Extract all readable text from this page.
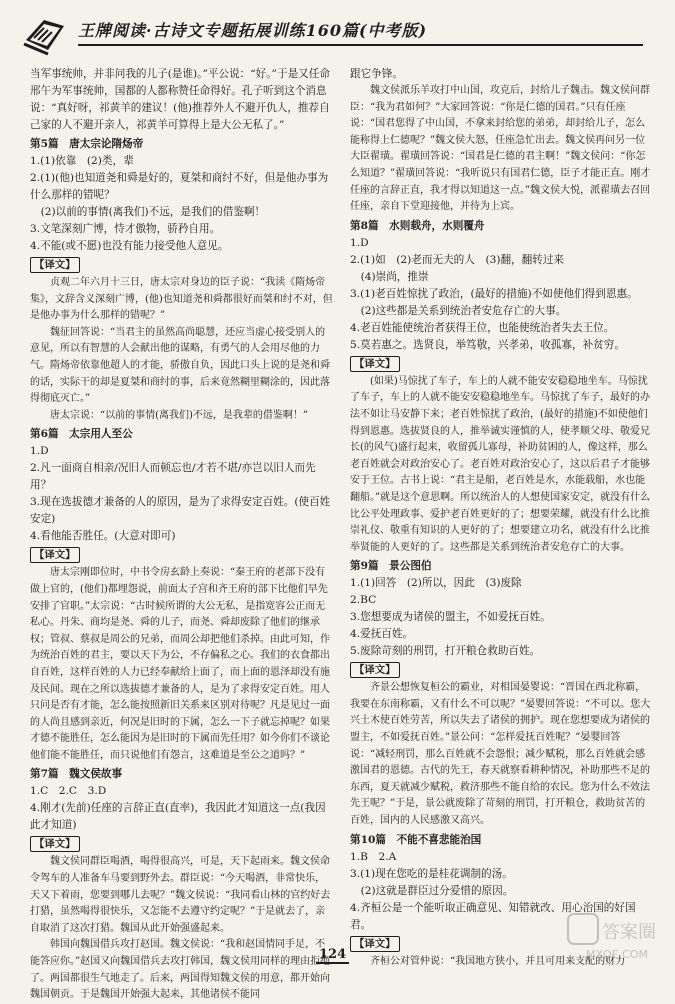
王牌阅读·古诗文专题拓展训练160篇(中考版)

当军事统帅，并非问我的儿子(是谁)。”平公说：“好。”于是又任命邢午为军事统帅，国都的人都称赞任命得好。孔子听到这个消息说：“真好呀，祁黄羊的建议！(他)推荐外人不避开仇人，推荐自己家的人不避开亲人，祁黄羊可算得上是大公无私了。”

第5篇　唐太宗论隋炀帝

1.(1)依靠　(2)类，辈

2.(1)(他)也知道尧和舜是好的，夏桀和商纣不好，但是他办事为什么那样的错呢？

(2)以前的事情(离我们)不远，是我们的借鉴啊！

3.文笔深刻广博，恃才傲物，骄矜自用。

4.不能(或不愿)也没有能力接受他人意见。

【译文】

贞观二年六月十三日，唐太宗对身边的臣子说：“我读《隋炀帝集》，文辞含义深刻广博，(他)也知道尧和舜都很好而桀和纣不对，但是他办事为什么那样的错呢？”

魏征回答说：“当君主的虽然高尚聪慧，还应当虚心接受别人的意见，所以有智慧的人会献出他的谋略，有勇气的人会用尽他的力气。隋炀帝依靠他超人的才能，骄傲自负，因此口头上说的是尧和舜的话，实际干的却是夏桀和商纣的事，后来竟然糊里糊涂的，因此落得彻底灭亡。”

唐太宗说：“以前的事情(离我们)不远，是我辈的借鉴啊！”

第6篇　太宗用人至公

1.D

2.凡一面商自相亲/况旧人而顿忘也/才若不堪/亦岂以旧人而先用？

3.现在选拔德才兼备的人的原因，是为了求得安定百姓。(使百姓安定)

4.看他能否胜任。(大意对即可)

【译文】

唐太宗刚即位时，中书令房玄龄上奏说：“秦王府的老部下没有做上官的，(他们)都埋怨说，前面太子宫和齐王府的部下比他们早先安排了官职。”太宗说：“古时候所谓的大公无私，是指宽容公正而无私心。丹朱、商均是尧、舜的儿子，而尧、舜却废除了他们的继承权；管叔、蔡叔是周公的兄弟，而周公却把他们杀掉。由此可知，作为统治百姓的君主，要以天下为公，不存偏私之心。我们的衣食都出自百姓，这样百姓的人力已经奉献给上面了，而上面的恩泽却没有施及民间。现在之所以选拔德才兼备的人，是为了求得安定百姓。用人只问是否有才能，怎么能按照新旧关系来区别对待呢？凡是见过一面的人尚且感到亲近，何况是旧时的下属，怎么一下子就忘掉呢？如果才德不能胜任，怎么能因为是旧时的下属而先任用？如今你们不谈论他们能不能胜任，而只说他们有怨言，这难道是至公之道吗？”

第7篇　魏文侯故事

1.C　2.C　3.D

4.刚才(先前)任座的言辞正直(直率)，我因此才知道这一点(我因此才知道)

【译文】

魏文侯同群臣喝酒，喝得很高兴，可是，天下起雨来。魏文侯命令驾车的人准备车马要到野外去。群臣说：“今天喝酒，非常快乐，天又下着雨，您要到哪儿去呢？”魏文侯说：“我同看山林的官约好去打猎，虽然喝得很快乐，又怎能不去遵守约定呢？”于是就去了，亲自取消了这次打猎。魏国从此开始强盛起来。

韩国向魏国借兵攻打赵国。魏文侯说：“我和赵国情同手足，不能答应你。”赵国又向魏国借兵去攻打韩国，魏文侯用同样的理由拒绝了。两国都很生气地走了。后来，两国得知魏文侯的用意，都开始向魏国朝贡。于是魏国开始强大起来，其他诸侯不能同

跟它争锋。

魏文侯派乐羊攻打中山国，攻克后，封给儿子魏击。魏文侯问群臣：“我为君如何？”大家回答说：“你是仁德的国君。”只有任座说：“国君您得了中山国，不拿来封给您的弟弟，却封给儿子，怎么能称得上仁德呢？”魏文侯大怒，任座急忙出去。魏文侯再问另一位大臣翟璜。翟璜回答说：“国君是仁德的君主啊！”魏文侯问：“你怎么知道？”翟璜回答说：“我听说只有国君仁德，臣子才能正直。刚才任座的言辞正直，我才得以知道这一点。”魏文侯大悦，派翟璜去召回任座，亲自下堂迎接他，并待为上宾。

第8篇　水则载舟，水则覆舟

1.D

2.(1)如　(2)老而无夫的人　(3)翻，翻转过来

(4)崇尚，推崇

3.(1)老百姓惊扰了政治，(最好的措施)不如使他们得到恩惠。

(2)这些都是关系到统治者安危存亡的大事。

4.老百姓能使统治者获得王位，也能使统治者失去王位。

5.莫若惠之。选贤良，举笃敬，兴孝弟，收孤寡，补贫穷。

【译文】

(如果)马惊扰了车子，车上的人就不能安安稳稳地坐车。马惊扰了车子，车上的人就不能安安稳稳地坐车。马惊扰了车子，最好的办法不如让马安静下来；老百姓惊扰了政治，(最好的措施)不如使他们得到恩惠。选拔贤良的人，推举诚实谨慎的人，使孝顺父母、敬爱兄长(的风气)盛行起来，收留孤儿寡母，补助贫困的人，像这样，那么老百姓就会对政治安心了。老百姓对政治安心了，这以后君子才能够安于王位。古书上说：“君主是船，老百姓是水，水能载船，水也能翻船。”就是这个意思啊。所以统治人的人想使国家安定，就没有什么比公平处理政事、爱护老百姓更好的了；想要荣耀，就没有什么比推崇礼仪、敬重有知识的人更好的了；想要建立功名，就没有什么比推举贤能的人更好的了。这些都是关系到统治者安危存亡的大事。

第9篇　景公图伯

1.(1)回答　(2)所以，因此　(3)废除

2.BC

3.您想要成为诸侯的盟主，不如爱抚百姓。

4.爱抚百姓。

5.废除苛刻的刑罚，打开粮仓救助百姓。

【译文】

齐景公想恢复桓公的霸业，对相国晏婴说：“晋国在西北称霸，我要在东南称霸，又有什么不可以呢？”晏婴回答说：“不可以。您大兴土木使百姓劳苦，所以失去了诸侯的拥护。现在您想要成为诸侯的盟主，不如爱抚百姓。”景公问：“怎样爱抚百姓呢？”晏婴回答说：“减轻刑罚，那么百姓就不会怨恨；减少赋税，那么百姓就会感激国君的恩德。古代的先王，春天就察看耕种情况，补助那些不足的东西，夏天就减少赋税，救济那些不能自给的农民。您为什么不效法先王呢？”于是，景公就废除了苛刻的刑罚，打开粮仓，救助贫苦的百姓，国内的人民感激又高兴。

第10篇　不能不喜悲能治国

1.B　2.A

3.(1)现在您吃的是桂花调制的汤。

(2)这就是群臣过分爱惜的原因。

4.齐桓公是一个能听取正确意见、知错就改、用心治国的好国君。

【译文】

齐桓公对管仲说：“我国地方狭小，并且可用来支配的财力

124
答案圈
MXQE.COM
